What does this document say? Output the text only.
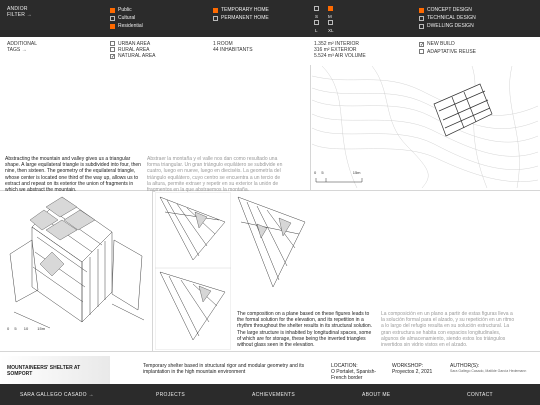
ANDIOR FILTER →
Public
Cultural
Residential
TEMPORARY HOME
PERMANENT HOME	S M
L XL
CONCEPT DESIGN
TECHNICAL DESIGN
DWELLING DESIGN
ADDITIONAL TAGS →
URBAN AREA
RURAL AREA
✓NATURAL AREA
1 ROOM
44 INHABITANTS
1.352 m² INTERIOR
316 m² EXTERIOR
5.524 m³ AIR VOLUME
✓NEW BUILD
ADAPTATIVE REUSE
0 5	15m
Abstracting the mountain and valley gives us a triangular shape. A large equilateral triangle is subdivided into four, then nine, then sixteen. The geometry of the equilateral triangle, whose center is located one third of the way up, allows us to extract and repeat on its exterior the union of fragments in which we abstract the mountain.
Abstraer la montaña y el valle nos dan como resultado una forma triangular. Un gran triángulo equilátero se subdivide en cuatro, luego en nueve, luego en dieciséis. La geometría del triángulo equilátero, cuyo centro se encuentra a un tercio de la altura, permite extraer y repetir en su exterior la unión de fragmentos en la que abstraemos la montaña.
0 5 10 15m
The composition on a plane based on these figures leads to the formal solution for the elevation, and its repetition in a rhythm throughout the shelter results in its structural solution. The large structure is inhabited by longitudinal spaces, some of which are for storage, these being the inverted triangles without glass seen in the elevation.
La composición en un plano a partir de estas figuras lleva a la solución formal para el alzado, y su repetición en un ritmo a lo largo del refugio resulta en su solución estructural. La gran estructura se habita con espacios longitudinales, algunos de almacenamiento, siendo estos los triángulos invertidos sin vidrio vistos en el alzado.
MOUNTAINEERS' SHELTER AT SOMPORT
Temporary shelter based in structural rigor and modular geometry and its implantation in the high mountain environment
LOCATION:
O Portalet, Spanish-French border
WORKSHOP:
Proyectos 2, 2021
AUTHOR(S):
Sara Gallego Casado, Matilde García Hedemann
SARA GALLEGO CASADO →	PROJECTS	ACHIEVEMENTS	ABOUT ME	CONTACT
